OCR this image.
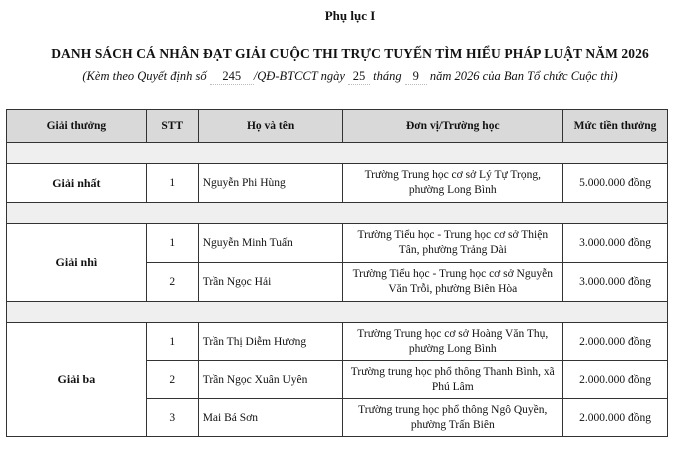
Phụ lục I
DANH SÁCH CÁ NHÂN ĐẠT GIẢI CUỘC THI TRỰC TUYẾN TÌM HIỂU PHÁP LUẬT NĂM 2026
(Kèm theo Quyết định số 245 /QĐ-BTCCT ngày 25 tháng 9 năm 2026 của Ban Tổ chức Cuộc thi)
Giải thưởng	STT	Họ và tên	Đơn vị/Trường học	Mức tiền thưởng

Giải nhất	1	Nguyễn Phi Hùng	Trường Trung học cơ sở Lý Tự Trọng, phường Long Bình	5.000.000 đồng

Giải nhì	1	Nguyễn Minh Tuấn	Trường Tiểu học - Trung học cơ sở Thiện Tân, phường Trảng Dài	3.000.000 đồng
	2	Trần Ngọc Hải	Trường Tiểu học - Trung học cơ sở Nguyễn Văn Trỗi, phường Biên Hòa	3.000.000 đồng

Giải ba	1	Trần Thị Diễm Hương	Trường Trung học cơ sở Hoàng Văn Thụ, phường Long Bình	2.000.000 đồng
	2	Trần Ngọc Xuân Uyên	Trường trung học phổ thông Thanh Bình, xã Phú Lâm	2.000.000 đồng
	3	Mai Bá Sơn	Trường trung học phổ thông Ngô Quyền, phường Trấn Biên	2.000.000 đồng
